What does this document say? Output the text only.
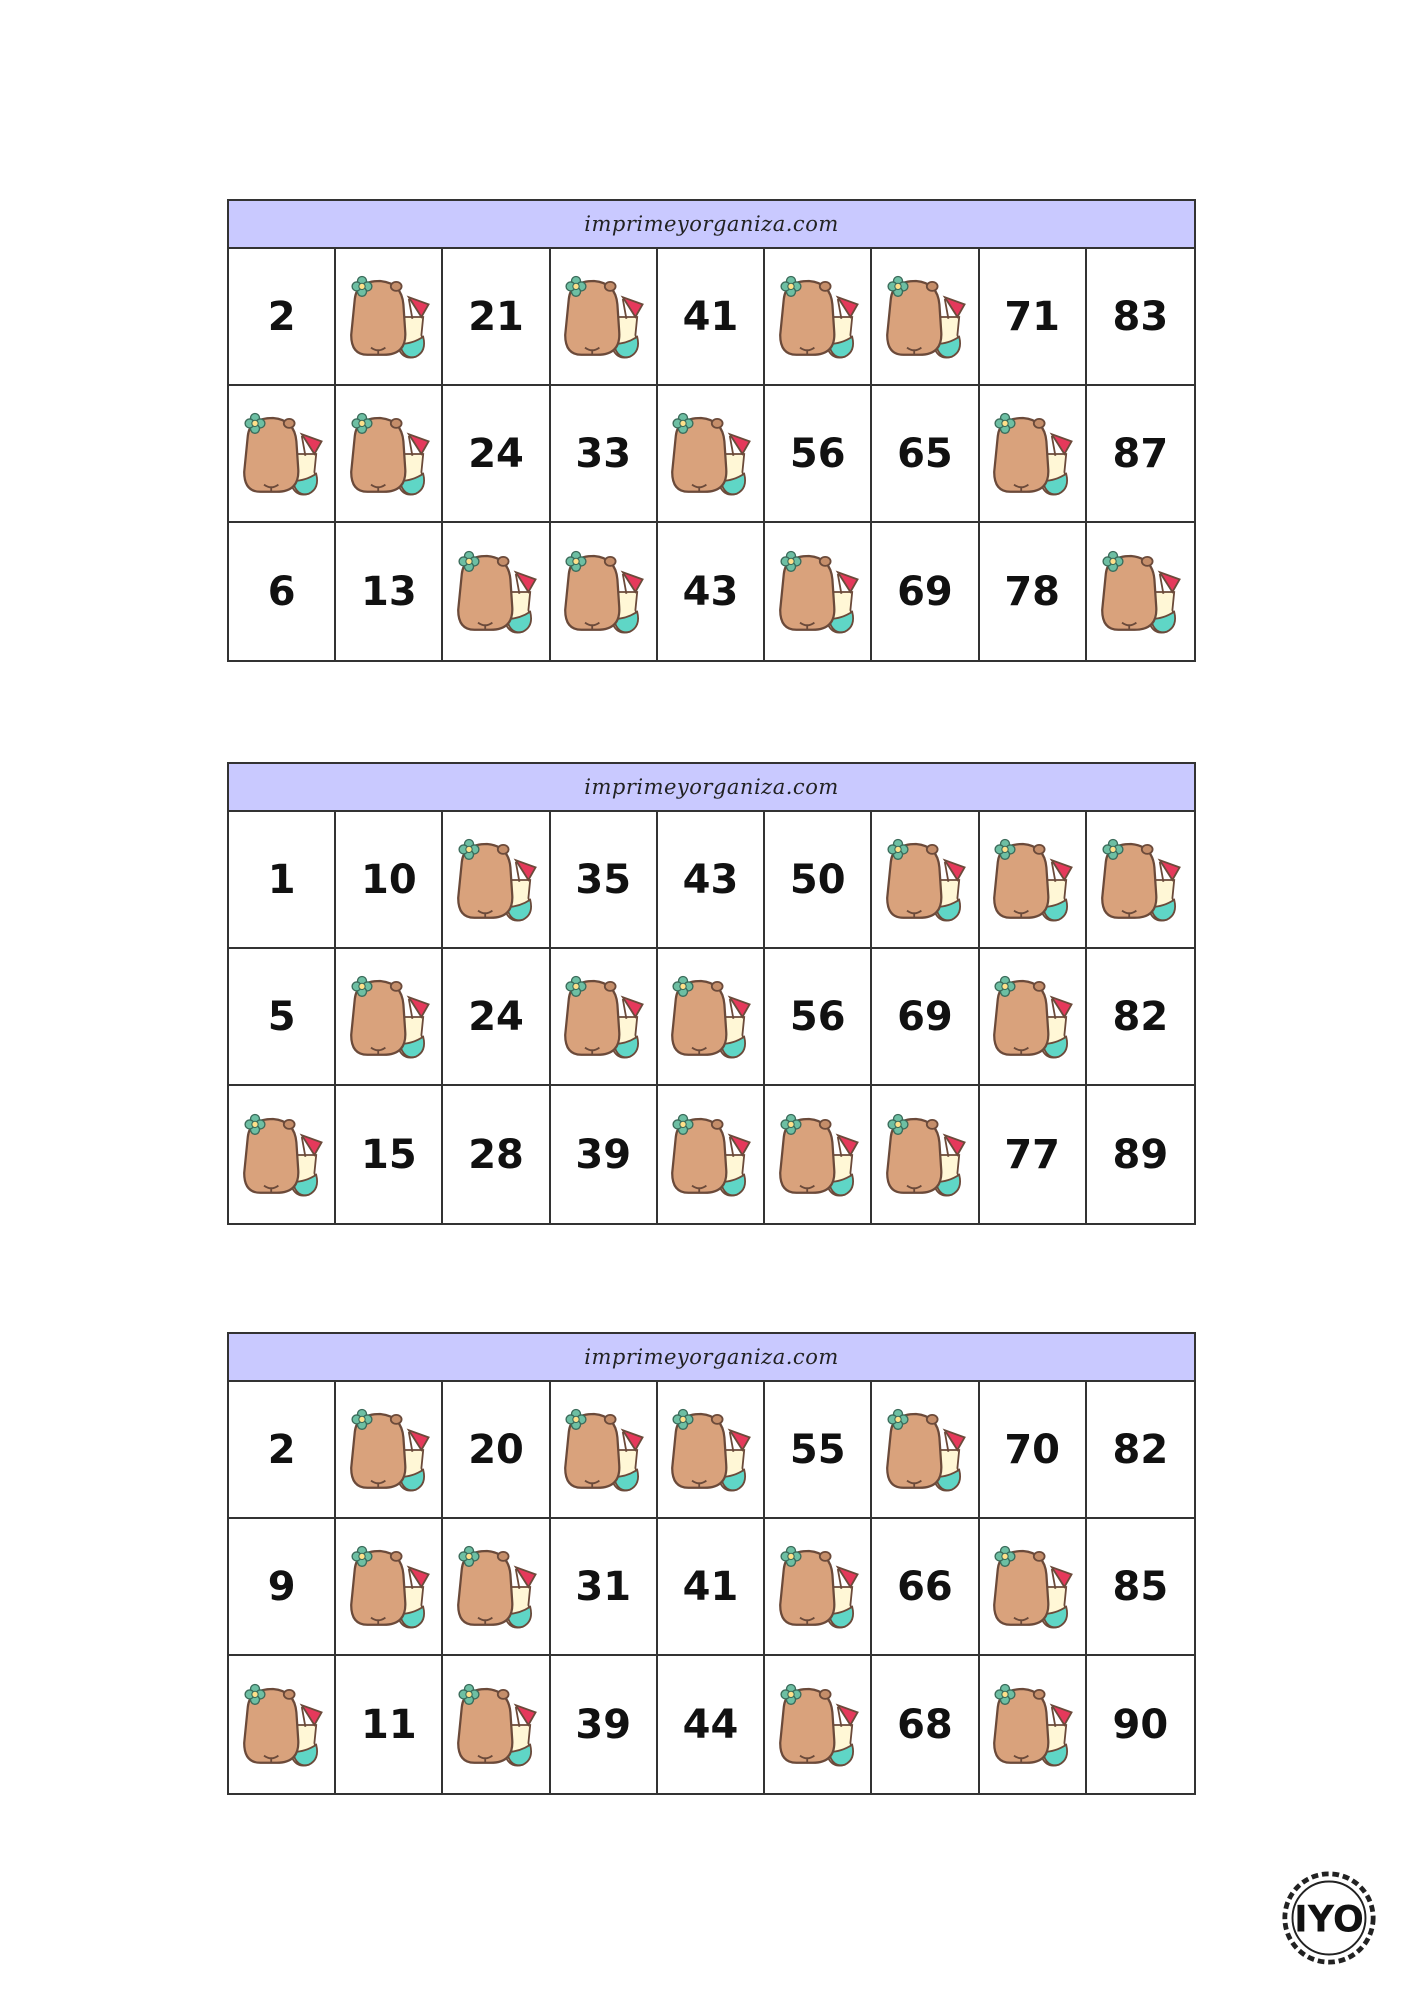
imprimeyorganiza.com
2	21	41	71	83
24	33	56	65	87
6	13	43	69	78
imprimeyorganiza.com
1	10	35	43	50
5	24	56	69	82
15	28	39	77	89
imprimeyorganiza.com
2	20	55	70	82
9	31	41	66	85
11	39	44	68	90
IYO
